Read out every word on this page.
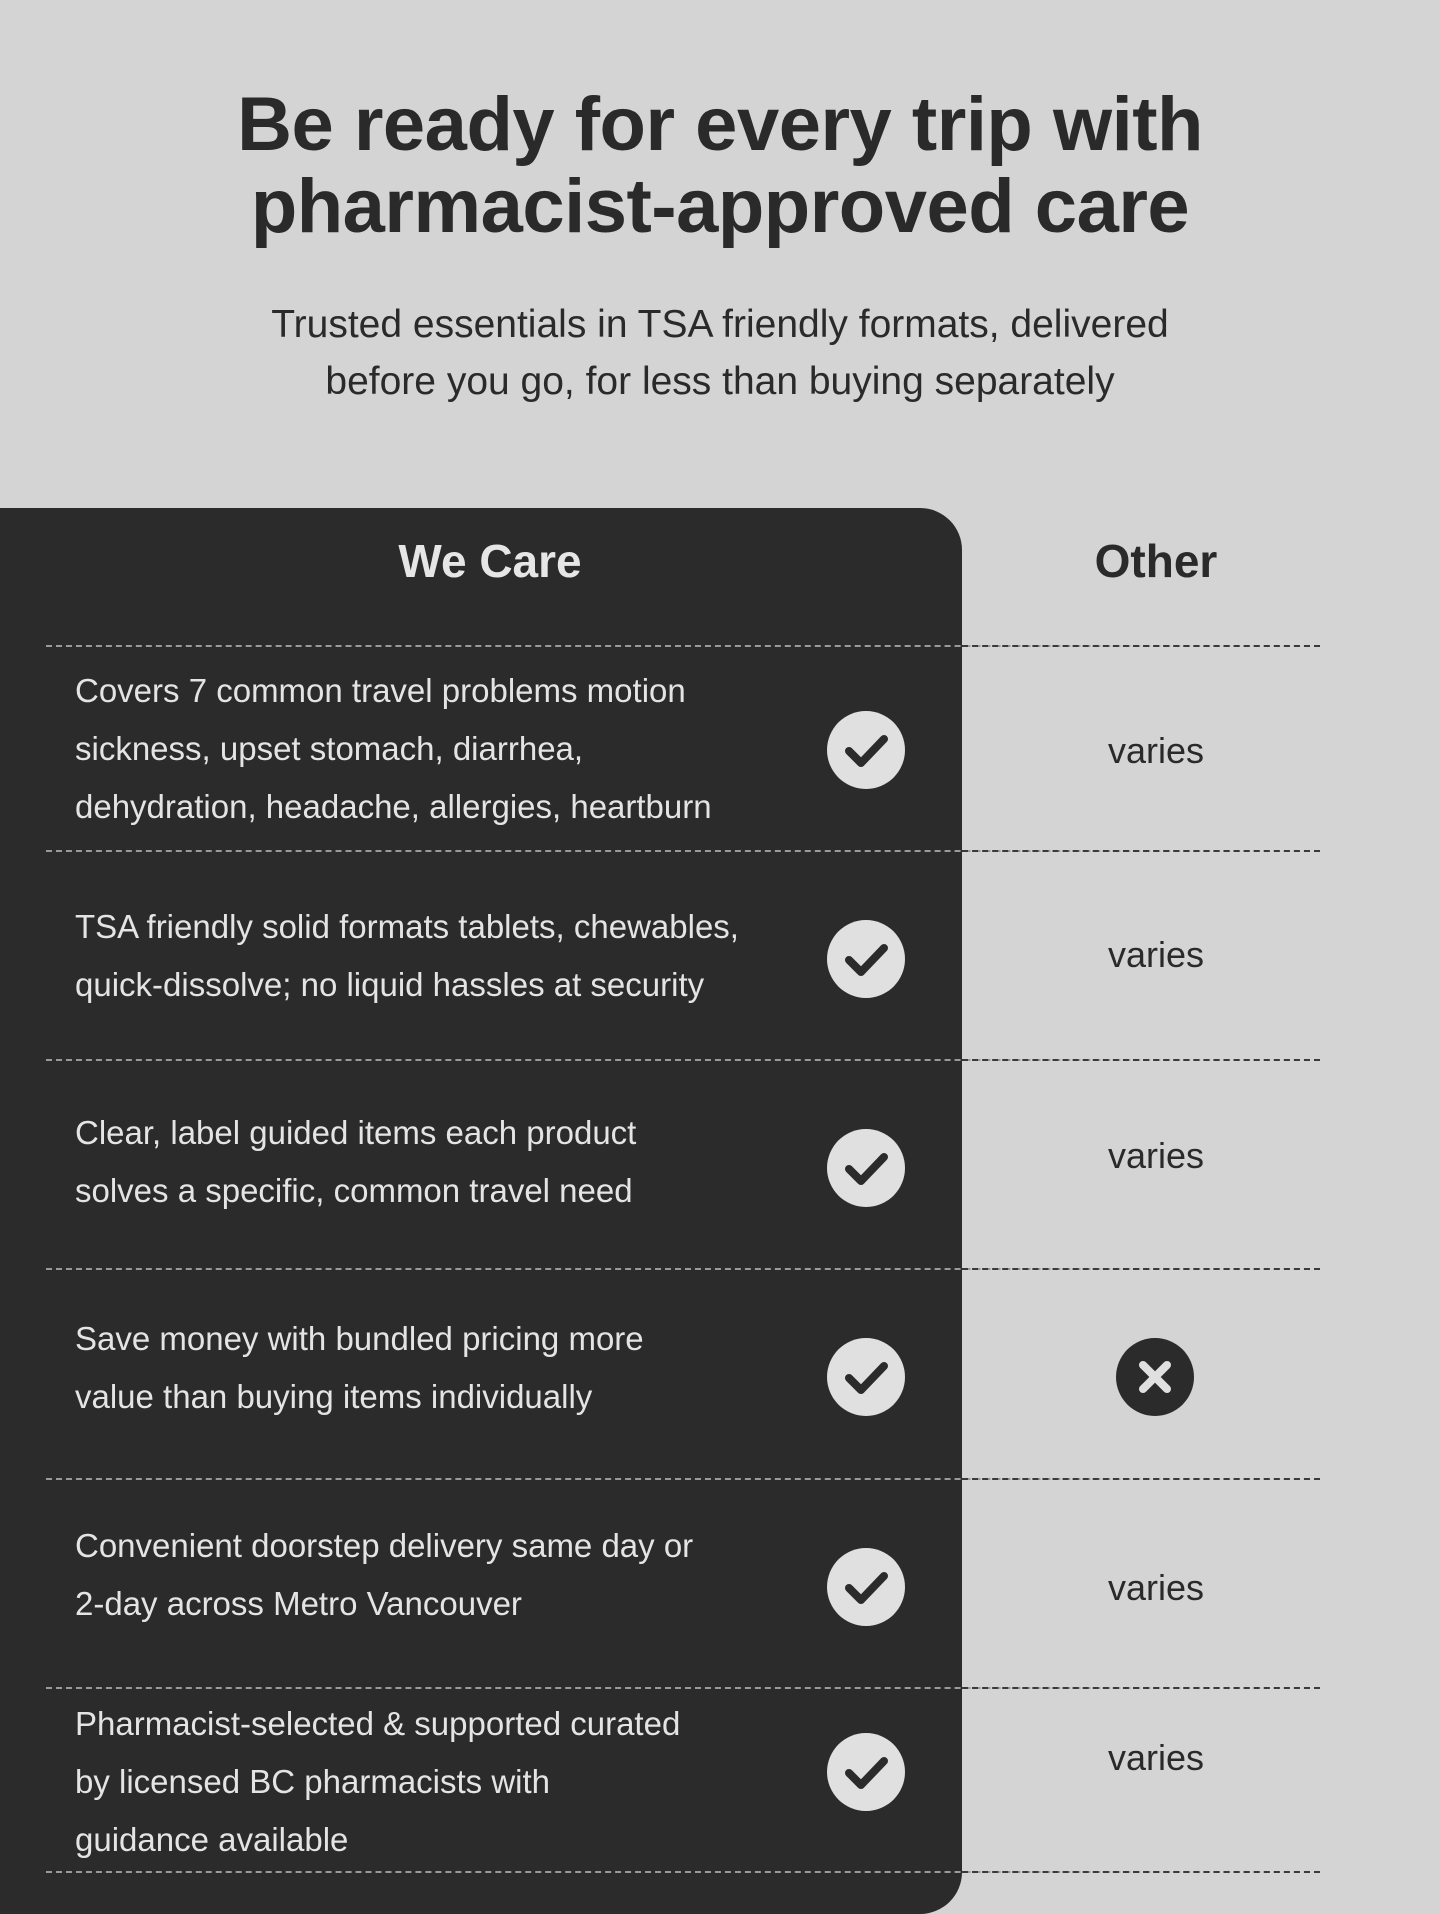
Be ready for every trip with
pharmacist-approved care

Trusted essentials in TSA friendly formats, delivered
before you go, for less than buying separately

We Care	Other
Covers 7 common travel problems motion
sickness, upset stomach, diarrhea,
dehydration, headache, allergies, heartburn
varies
TSA friendly solid formats tablets, chewables,
quick-dissolve; no liquid hassles at security
varies
Clear, label guided items each product
solves a specific, common travel need
varies
Save money with bundled pricing more
value than buying items individually
Convenient doorstep delivery same day or
2-day across Metro Vancouver	varies
Pharmacist-selected & supported curated
by licensed BC pharmacists with
guidance available
varies
